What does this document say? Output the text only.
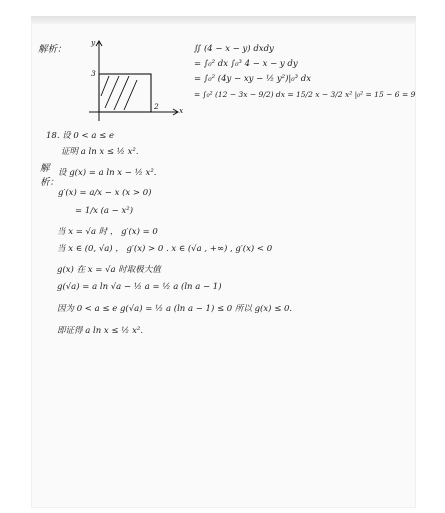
解析：
y
x
3
2
∬ (4 − x − y) dxdy
= ∫₀² dx ∫₀³ 4 − x − y dy
= ∫₀² (4y − xy − ½ y²)|₀³ dx
= ∫₀² (12 − 3x − 9/2) dx = 15/2 x − 3/2 x² |₀² = 15 − 6 = 9
18. 设 0 < a ≤ e
证明 a ln x ≤ ½ x².
解
析：
设 g(x) = a ln x − ½ x².
g′(x) = a/x − x (x > 0)
= 1/x (a − x²)
当 x = √a 时 ， g′(x) = 0
当 x ∈ (0, √a) ， g′(x) > 0 . x ∈ (√a , +∞) , g′(x) < 0
g(x) 在 x = √a 时取极大值
g(√a) = a ln √a − ½ a = ½ a (ln a − 1)
因为 0 < a ≤ e g(√a) = ½ a (ln a − 1) ≤ 0 所以 g(x) ≤ 0.
即证得 a ln x ≤ ½ x².
